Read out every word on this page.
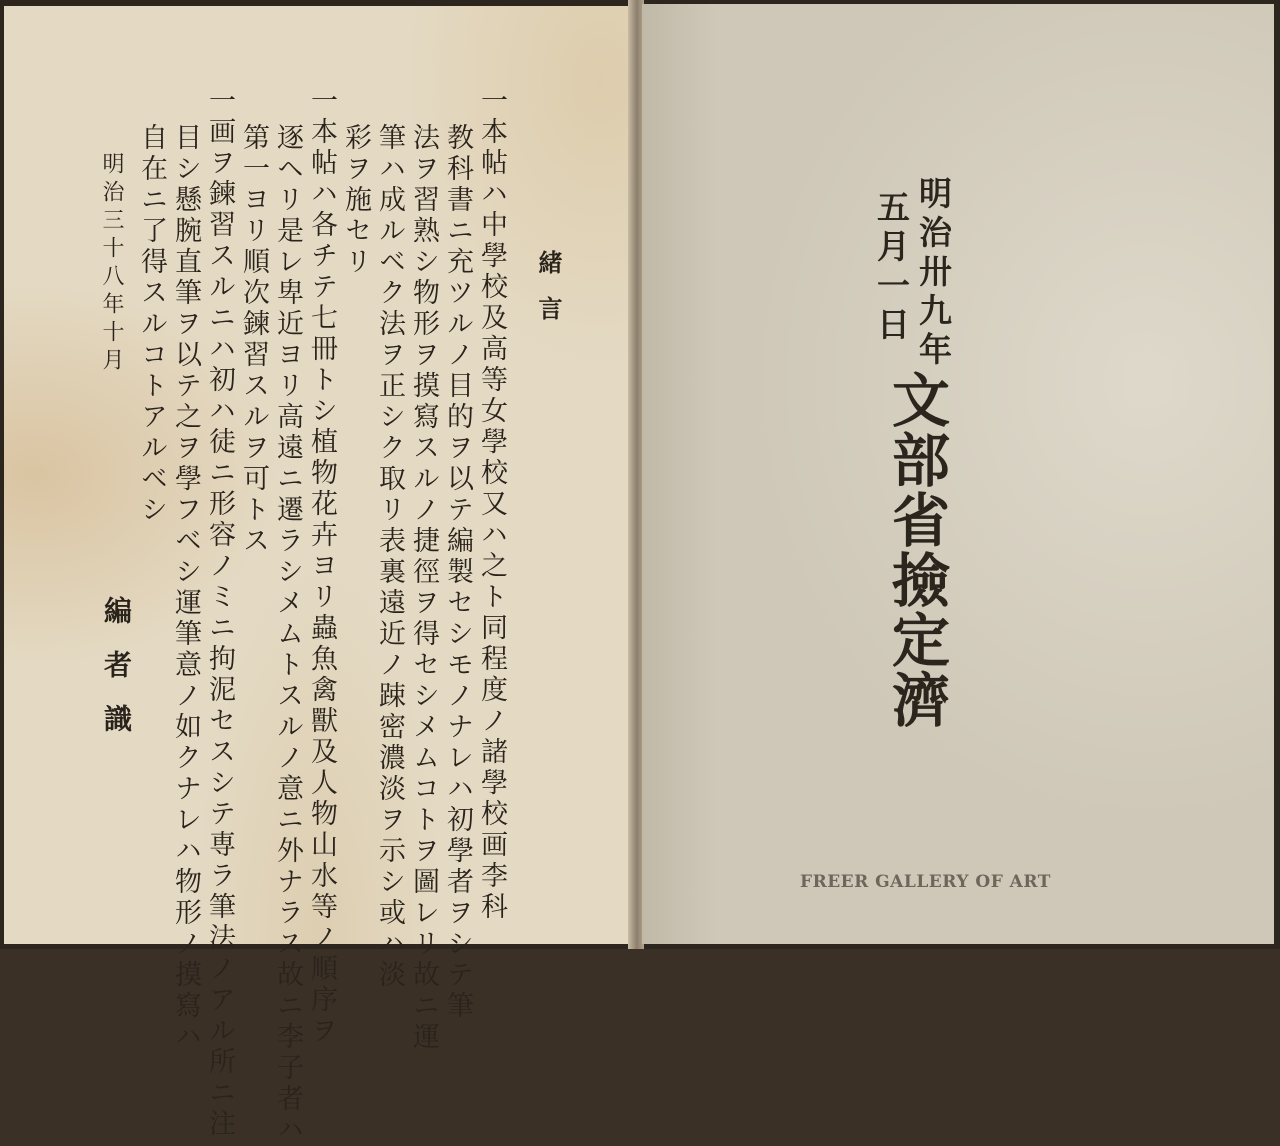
緒言
一本帖ハ中學校及高等女學校又ハ之ト同程度ノ諸學校画李科
教科書ニ充ツルノ目的ヲ以テ編製セシモノナレハ初學者ヲシテ筆
法ヲ習熟シ物形ヲ摸寫スルノ捷徑ヲ得セシメムコトヲ圖レリ故ニ運
筆ハ成ルベク法ヲ正シク取リ表裏遠近ノ踈密濃淡ヲ示シ或ハ淡
彩ヲ施セリ
一本帖ハ各チテ七冊トシ植物花卉ヨリ蟲魚禽獸及人物山水等ノ順序ヲ
逐ヘリ是レ卑近ヨリ高遠ニ遷ラシメムトスルノ意ニ外ナラス故ニ李子者ハ
第一ヨリ順次鍊習スルヲ可トス
一画ヲ鍊習スルニハ初ハ徒ニ形容ノミニ拘泥セスシテ専ラ筆法ノアル所ニ注
目シ懸腕直筆ヲ以テ之ヲ學フベシ運筆意ノ如クナレハ物形ノ摸寫ハ
自在ニ了得スルコトアルベシ
明治三十八年十月
編者識
明治卅九年
五月一日
文部省撿定濟
FREER GALLERY OF ART
